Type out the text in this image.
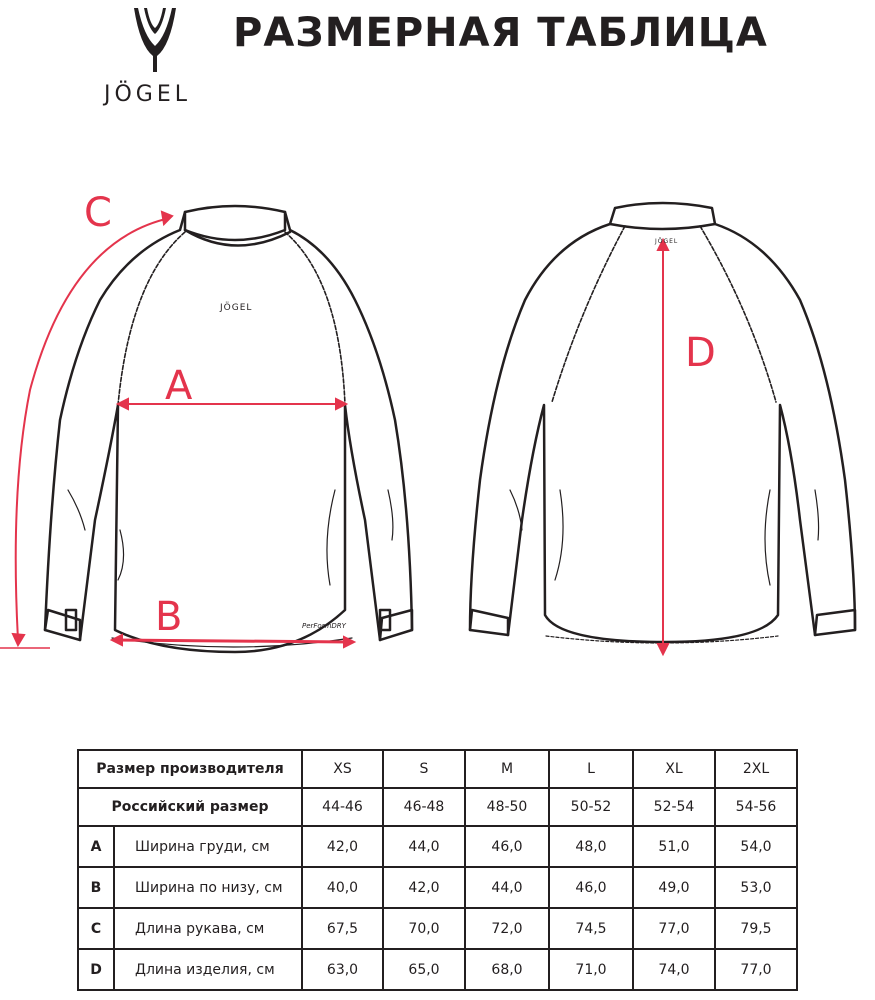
JÖGEL
РАЗМЕРНАЯ ТАБЛИЦА
C
A
B
D
JÖGEL
JÖGEL
PerFormDRY
Размер производителя		XS	S	M	L	XL	2XL
Российский размер		44-46	46-48	48-50	50-52	52-54	54-56
A	Ширина груди, см	42,0	44,0	46,0	48,0	51,0	54,0
B	Ширина по низу, см	40,0	42,0	44,0	46,0	49,0	53,0
C	Длина рукава, см	67,5	70,0	72,0	74,5	77,0	79,5
D	Длина изделия, см	63,0	65,0	68,0	71,0	74,0	77,0
